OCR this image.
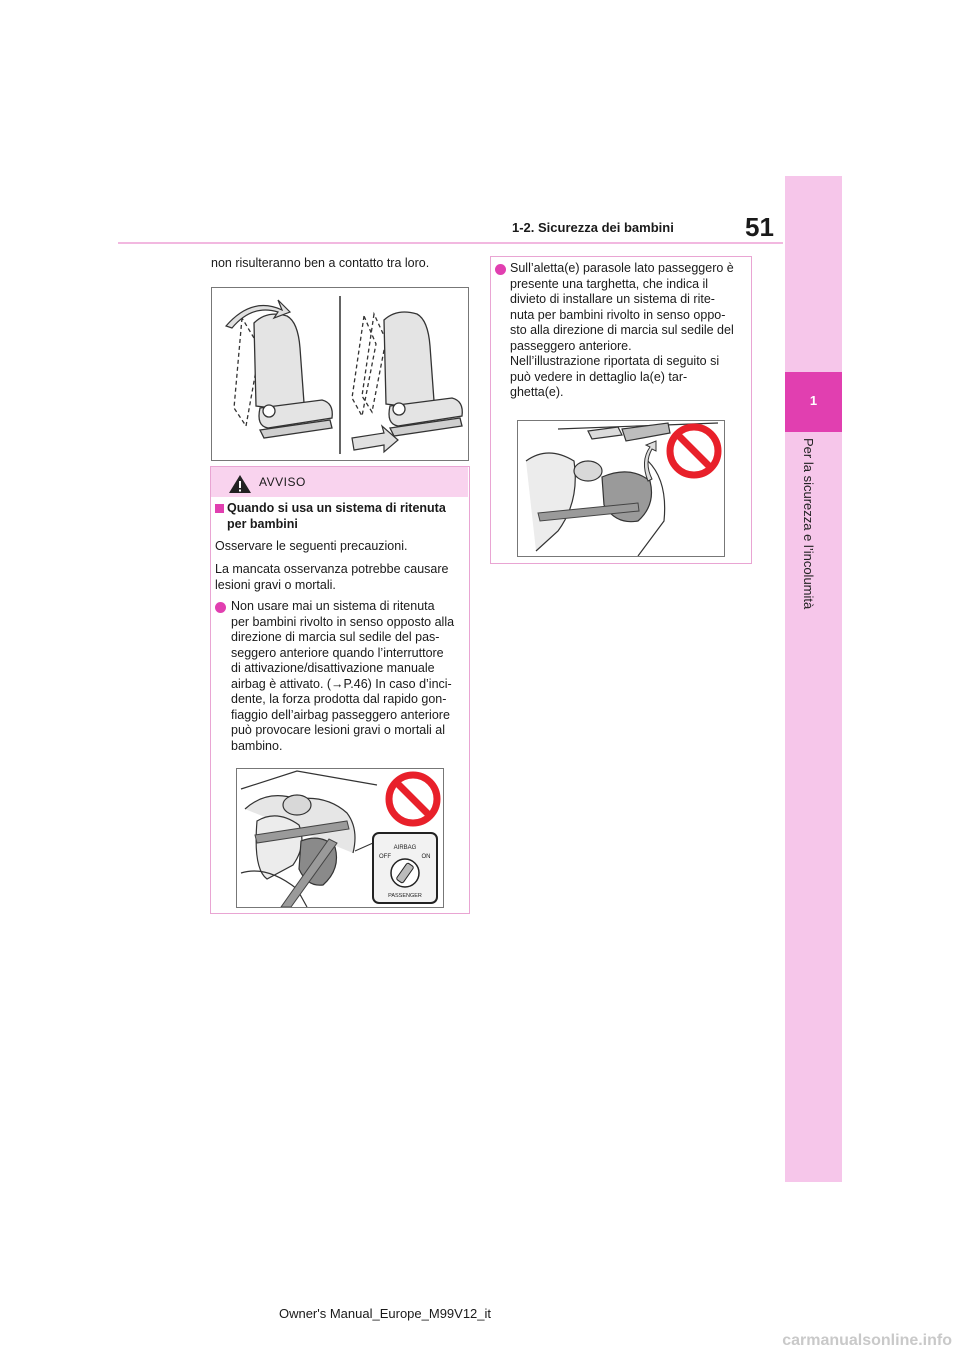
1-2. Sicurezza dei bambini	51
1
Per la sicurezza e l’incolumità
non risulteranno ben a contatto tra loro.
AVVISO
Quando si usa un sistema di ritenuta per bambini
Osservare le seguenti precauzioni.
La mancata osservanza potrebbe causare
lesioni gravi o mortali.
Non usare mai un sistema di ritenuta
per bambini rivolto in senso opposto alla
direzione di marcia sul sedile del pas-
seggero anteriore quando l’interruttore
di attivazione/disattivazione manuale
airbag è attivato. (→P.46) In caso d’inci-
dente, la forza prodotta dal rapido gon-
fiaggio dell’airbag passeggero anteriore
può provocare lesioni gravi o mortali al
bambino.
AIRBAG
OFF	ON
PASSENGER
Sull’aletta(e) parasole lato passeggero è
presente una targhetta, che indica il
divieto di installare un sistema di rite-
nuta per bambini rivolto in senso oppo-
sto alla direzione di marcia sul sedile del
passeggero anteriore.
Nell’illustrazione riportata di seguito si
può vedere in dettaglio la(e) tar-
ghetta(e).
Owner's Manual_Europe_M99V12_it
carmanualsonline.info
